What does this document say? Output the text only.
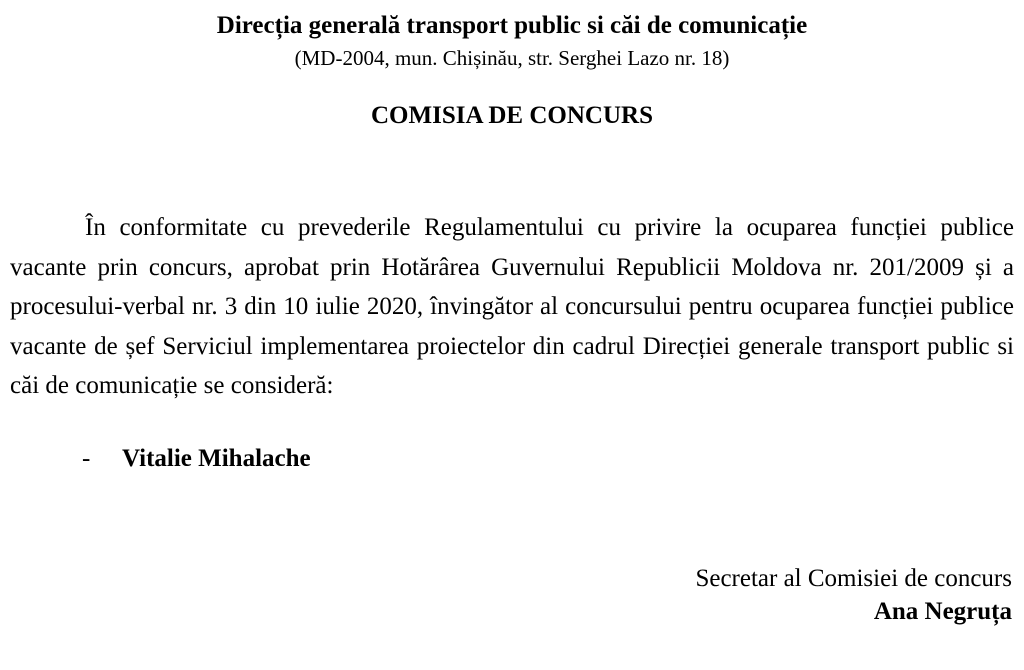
Direcția generală transport public si căi de comunicație
(MD-2004, mun. Chișinău, str. Serghei Lazo nr. 18)
COMISIA DE CONCURS
În conformitate cu prevederile Regulamentului cu privire la ocuparea funcției publice vacante prin concurs, aprobat prin Hotărârea Guvernului Republicii Moldova nr. 201/2009 și a procesului-verbal nr. 3 din 10 iulie 2020, învingător al concursului pentru ocuparea funcției publice vacante de șef Serviciul implementarea proiectelor din cadrul Direcției generale transport public si căi de comunicație se consideră:
- Vitalie Mihalache
Secretar al Comisiei de concurs
Ana Negruța
